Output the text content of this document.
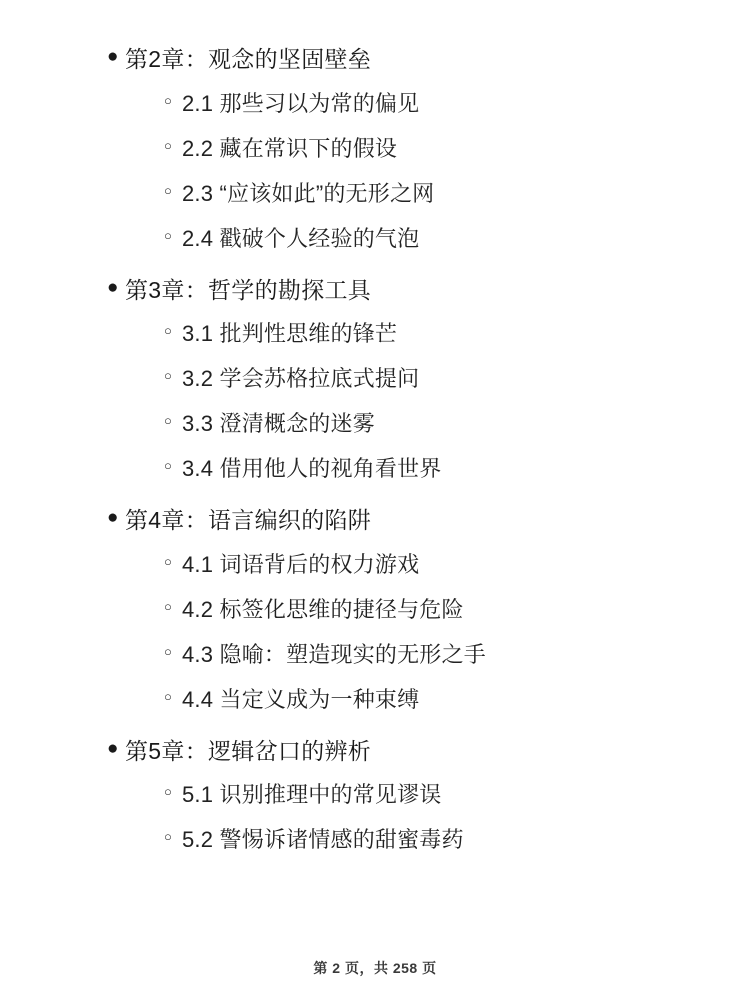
● 第2章：观念的坚固壁垒
○ 2.1 那些习以为常的偏见
○ 2.2 藏在常识下的假设
○ 2.3 “应该如此”的无形之网
○ 2.4 戳破个人经验的气泡
● 第3章：哲学的勘探工具
○ 3.1 批判性思维的锋芒
○ 3.2 学会苏格拉底式提问
○ 3.3 澄清概念的迷雾
○ 3.4 借用他人的视角看世界
● 第4章：语言编织的陷阱
○ 4.1 词语背后的权力游戏
○ 4.2 标签化思维的捷径与危险
○ 4.3 隐喻：塑造现实的无形之手
○ 4.4 当定义成为一种束缚
● 第5章：逻辑岔口的辨析
○ 5.1 识别推理中的常见谬误
○ 5.2 警惕诉诸情感的甜蜜毒药
第 2 页，共 258 页
